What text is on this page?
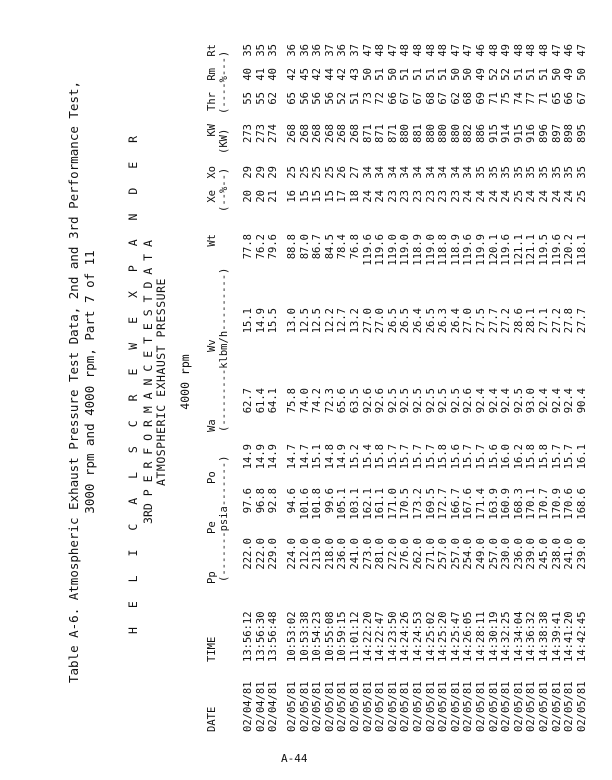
Table A-6. Atmospheric Exhaust Pressure Test Data, 2nd and 3rd Performance Test, 3000 rpm and 4000 rpm, Part 7 of 11	H E L I C A L S C R E W E X P A N D E R 3RD P E R F O R M A N C E T E S T D A T A ATMOSPHERIC EXHAUST PRESSURE 4000 rpm

DATE

TIME

Pp

Pe

Po

Wa

Wv

Wt

Xe

Xo

KW

Thr

Rm

Rt

(-------psia-------)

(---------klbm/h---------)

(--%--)

(KW)

(----%---)

02/04/81
13:56:12
222.0
97.6
14.9
62.7
15.1
77.8
20
29
273
55
40
35
02/04/81
13:56:30
222.0
96.8
14.9
61.4
14.9
76.2
20
29
273
55
41
35
02/04/81
13:56:48
229.0
92.8
14.9
64.1
15.5
79.6
21
29
274
62
40
35
02/05/81
10:53:02
224.0
94.6
14.7
75.8
13.0
88.8
16
25
268
65
42
36
02/05/81
10:53:38
212.0
101.6
14.7
74.0
12.5
87.0
15
25
268
56
45
36
02/05/81
10:54:23
213.0
101.8
15.1
74.2
12.5
86.7
15
25
268
56
42
36
02/05/81
10:55:08
218.0
99.6
14.8
72.3
12.2
84.5
15
25
268
56
44
37
02/05/81
10:59:15
236.0
105.1
14.9
65.6
12.7
78.4
17
26
268
52
42
36
02/05/81
11:01:12
241.0
103.1
15.2
63.5
13.2
76.8
18
27
268
51
43
37
02/05/81
14:22:20
273.0
162.1
15.4
92.6
27.0
119.6
24
34
871
73
50
47
02/05/81
14:22:47
281.0
161.1
15.8
92.6
27.0
119.6
24
34
871
72
51
48
02/05/81
14:23:50
272.0
171.0
15.7
92.5
26.5
119.0
23
34
871
66
50
47
02/05/81
14:24:26
276.0
170.5
15.7
92.5
26.5
119.0
23
34
880
67
51
48
02/05/81
14:24:53
262.0
173.2
15.7
92.5
26.4
118.9
23
34
881
67
51
48
02/05/81
14:25:02
271.0
169.5
15.7
92.5
26.5
119.0
23
34
880
68
51
48
02/05/81
14:25:20
257.0
172.7
15.8
92.5
26.3
118.8
23
34
880
67
51
48
02/05/81
14:25:47
257.0
166.7
15.6
92.5
26.4
118.9
23
34
880
62
50
47
02/05/81
14:26:05
254.0
167.6
15.7
92.6
27.0
119.6
24
34
882
68
50
47
02/05/81
14:28:11
249.0
171.4
15.7
92.4
27.5
119.9
24
35
886
69
49
46
02/05/81
14:30:19
257.0
163.9
15.6
92.4
27.7
120.1
24
35
915
71
52
48
02/05/81
14:32:25
230.0
160.9
16.0
92.4
27.2
119.6
24
35
914
75
52
49
02/05/81
14:34:04
236.0
168.3
16.2
92.5
28.6
121.1
25
35
915
74
51
48
02/05/81
14:36:32
239.0
170.1
15.8
93.0
28.1
121.1
24
35
916
77
51
48
02/05/81
14:38:38
245.0
170.7
15.8
92.4
27.1
119.5
24
35
896
71
51
48
02/05/81
14:39:41
238.0
170.9
15.7
92.4
27.2
119.6
24
35
897
65
50
47
02/05/81
14:41:20
241.0
170.6
15.7
92.4
27.8
120.2
24
35
898
66
49
46
02/05/81
14:42:45
239.0
168.6
16.1
90.4
27.7
118.1
25
35
895
67
50
47
A-44
